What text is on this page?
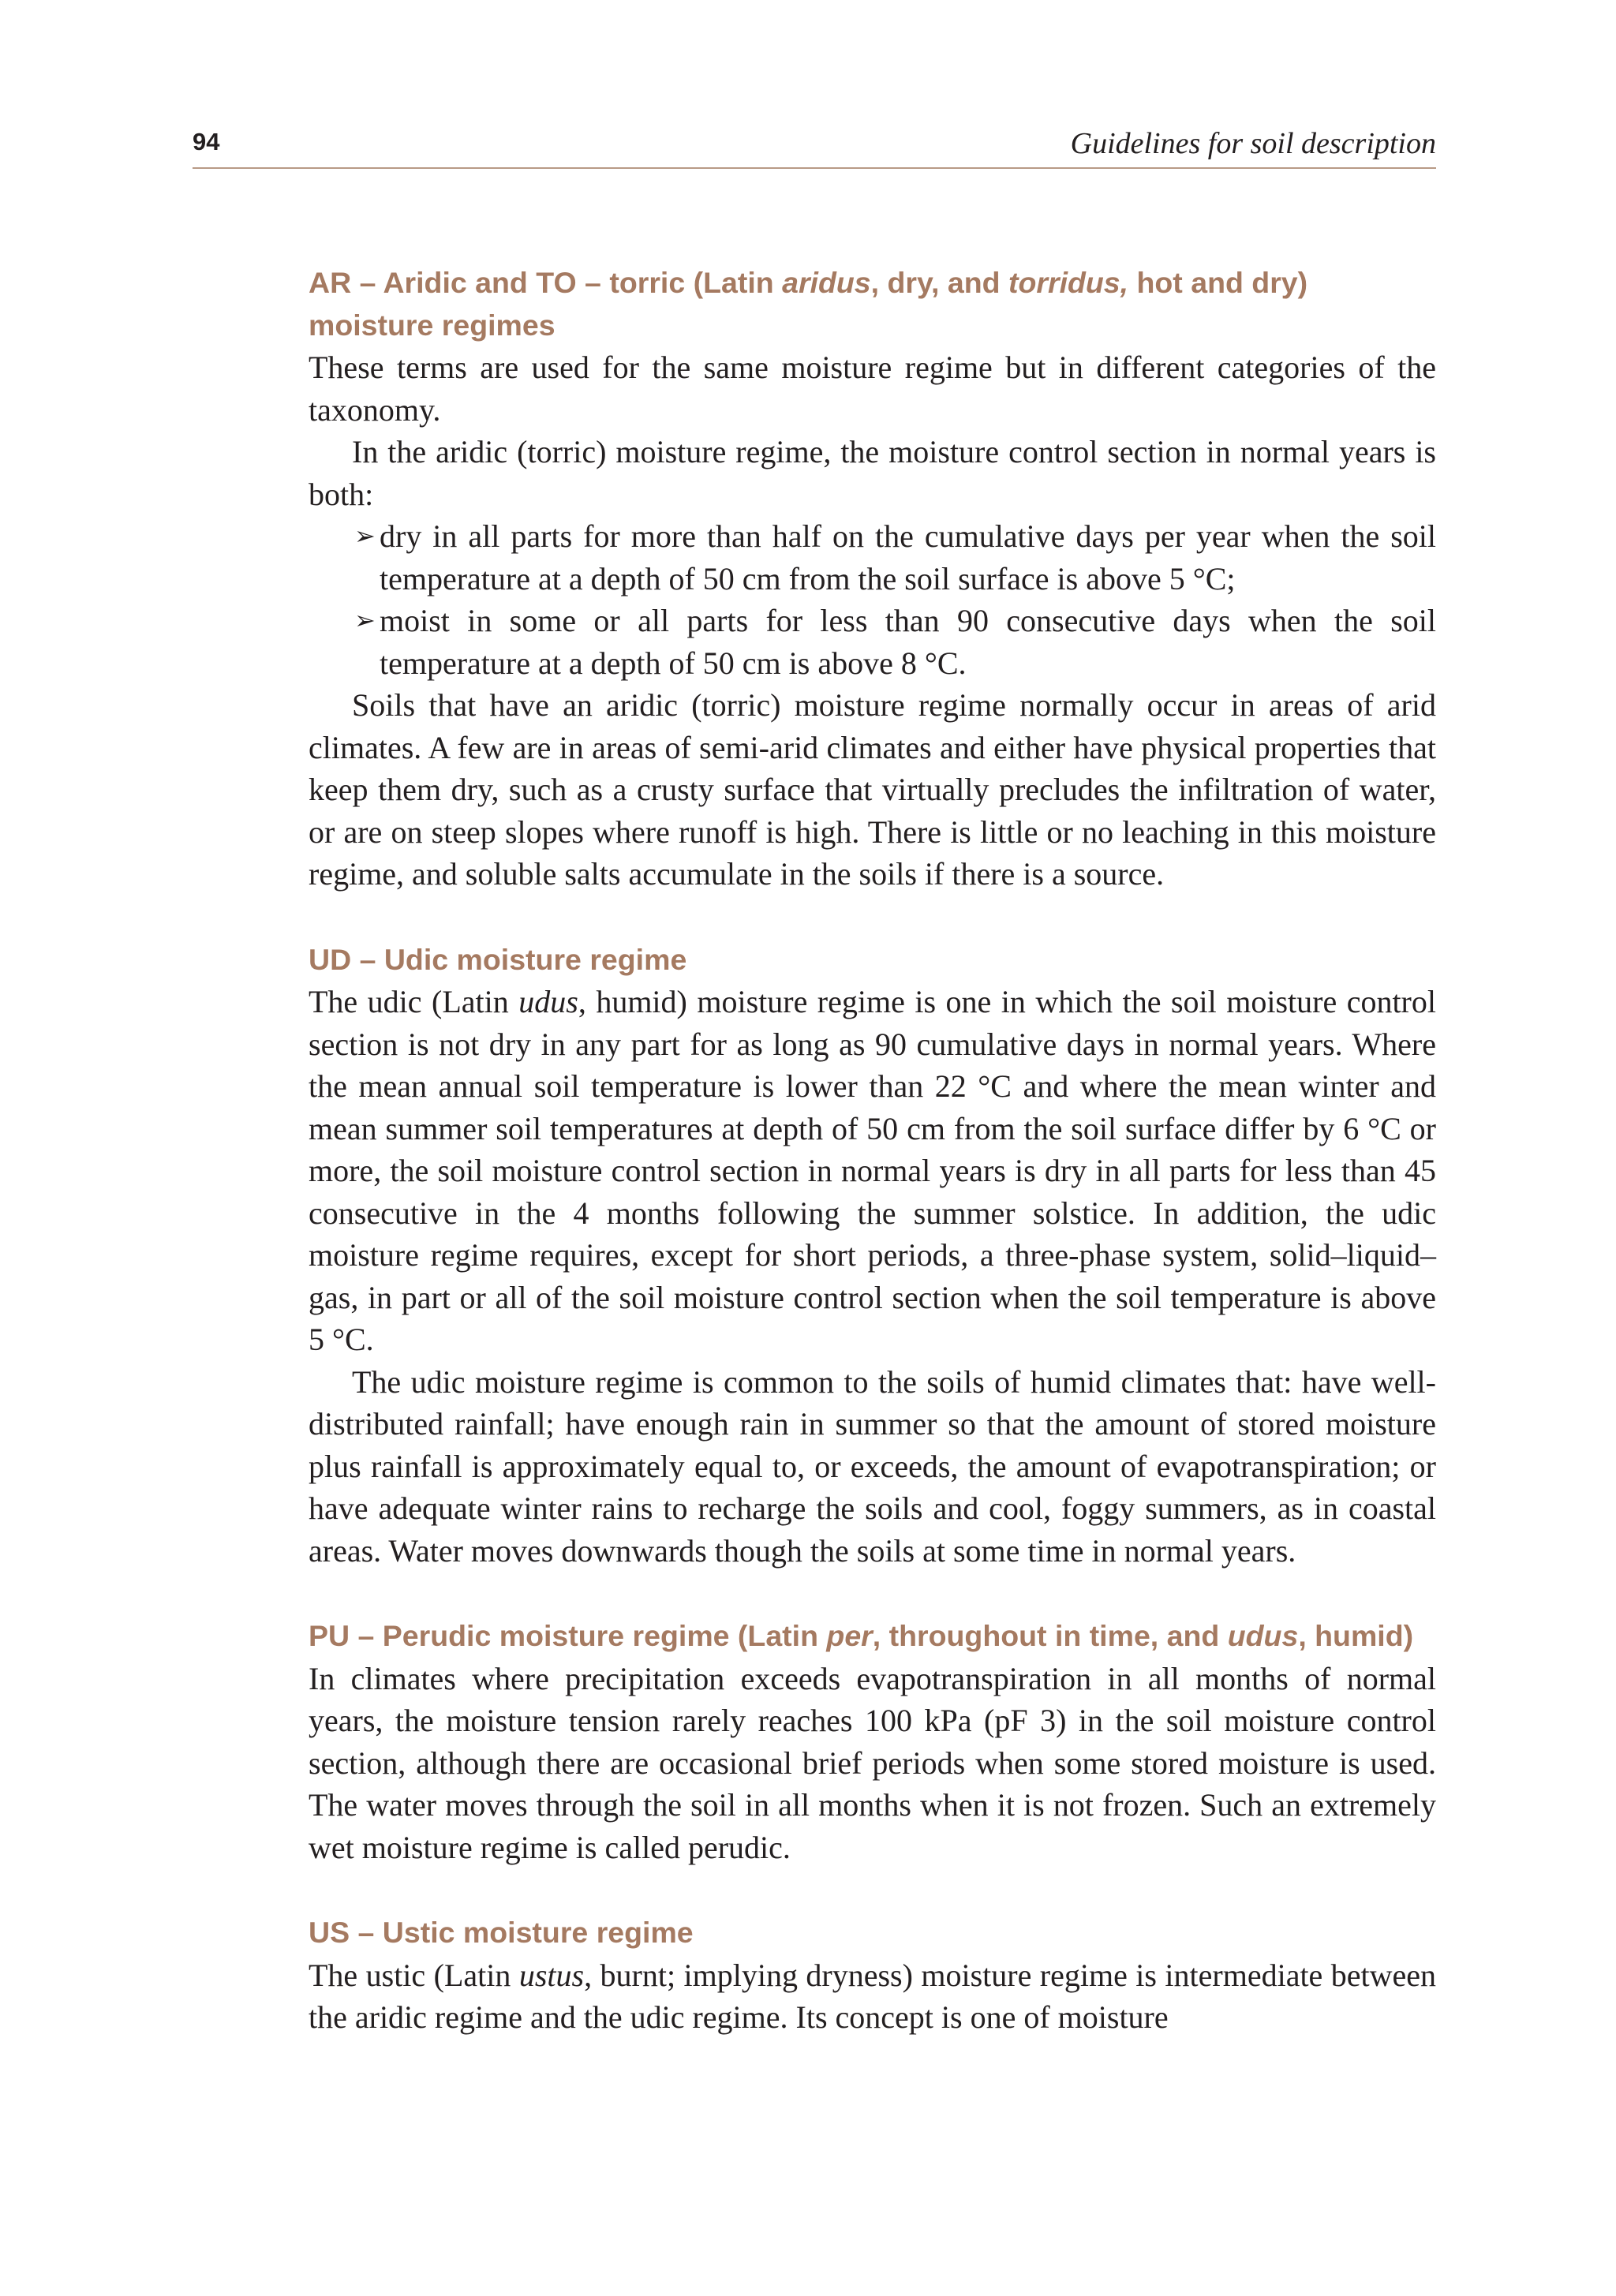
94	Guidelines for soil description
AR – Aridic and TO – torric (Latin aridus, dry, and torridus, hot and dry) moisture regimes

These terms are used for the same moisture regime but in different categories of the taxonomy.

In the aridic (torric) moisture regime, the moisture control section in normal years is both:

➢ dry in all parts for more than half on the cumulative days per year when the soil temperature at a depth of 50 cm from the soil surface is above 5 °C;

➢ moist in some or all parts for less than 90 consecutive days when the soil temperature at a depth of 50 cm is above 8 °C.

Soils that have an aridic (torric) moisture regime normally occur in areas of arid climates. A few are in areas of semi-arid climates and either have physical properties that keep them dry, such as a crusty surface that virtually precludes the infiltration of water, or are on steep slopes where runoff is high. There is little or no leaching in this moisture regime, and soluble salts accumulate in the soils if there is a source.

UD – Udic moisture regime

The udic (Latin udus, humid) moisture regime is one in which the soil moisture control section is not dry in any part for as long as 90 cumulative days in normal years. Where the mean annual soil temperature is lower than 22 °C and where the mean winter and mean summer soil temperatures at depth of 50 cm from the soil surface differ by 6 °C or more, the soil moisture control section in normal years is dry in all parts for less than 45 consecutive in the 4 months following the summer solstice. In addition, the udic moisture regime requires, except for short periods, a three-phase system, solid–liquid–gas, in part or all of the soil moisture control section when the soil temperature is above 5 °C.

The udic moisture regime is common to the soils of humid climates that: have well-distributed rainfall; have enough rain in summer so that the amount of stored moisture plus rainfall is approximately equal to, or exceeds, the amount of evapotranspiration; or have adequate winter rains to recharge the soils and cool, foggy summers, as in coastal areas. Water moves downwards though the soils at some time in normal years.

PU – Perudic moisture regime (Latin per, throughout in time, and udus, humid)

In climates where precipitation exceeds evapotranspiration in all months of normal years, the moisture tension rarely reaches 100 kPa (pF 3) in the soil moisture control section, although there are occasional brief periods when some stored moisture is used. The water moves through the soil in all months when it is not frozen. Such an extremely wet moisture regime is called perudic.

US – Ustic moisture regime

The ustic (Latin ustus, burnt; implying dryness) moisture regime is intermediate between the aridic regime and the udic regime. Its concept is one of moisture
